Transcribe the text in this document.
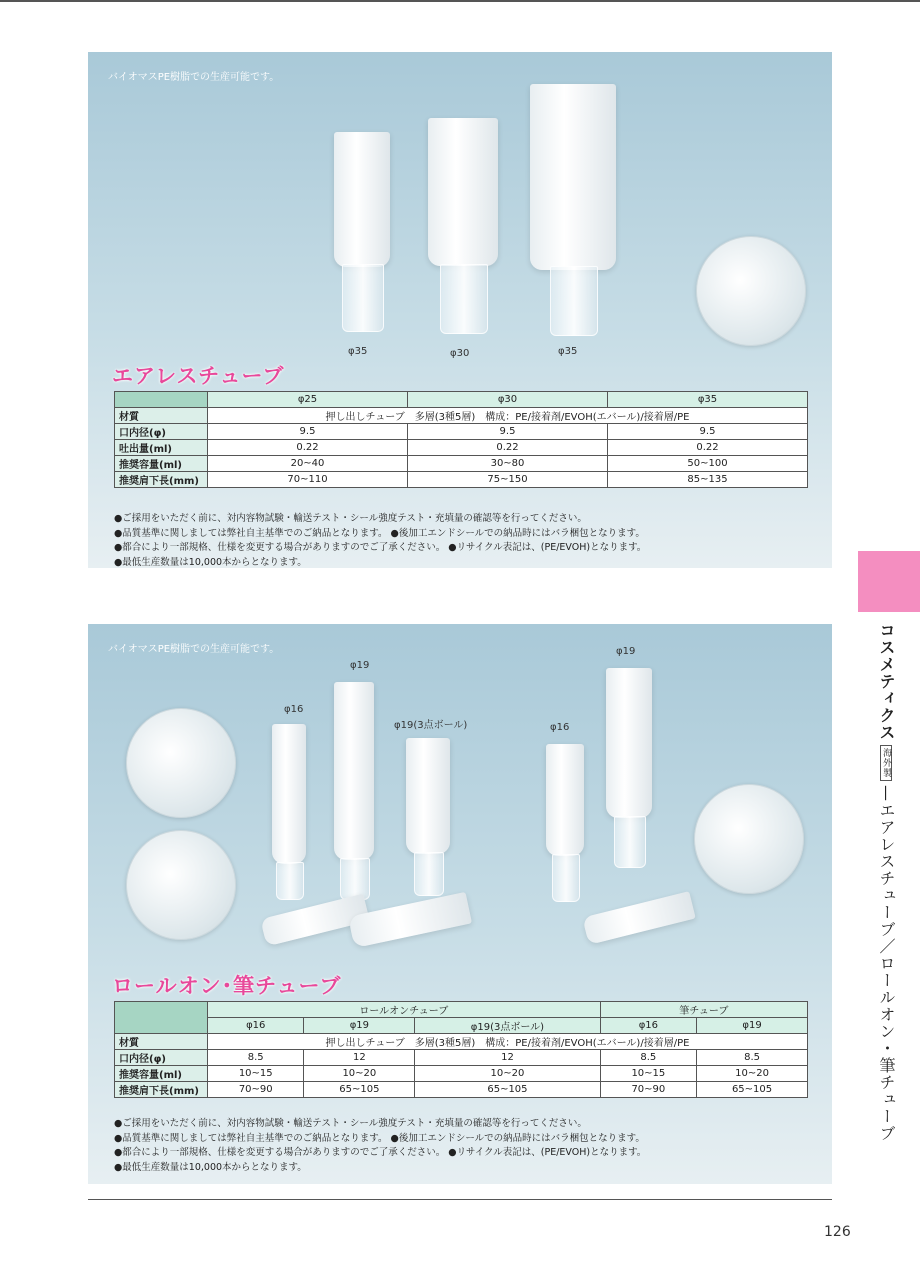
バイオマスPE樹脂での生産可能です。
φ35	φ30	φ35
エアレスチューブ
	φ25	φ30	φ35
材質	押し出しチューブ　多層(3種5層)　構成：PE/接着剤/EVOH(エバール)/接着層/PE		
口内径(φ)	9.5	9.5	9.5
吐出量(ml)	0.22	0.22	0.22
推奨容量(ml)	20~40	30~80	50~100
推奨肩下長(mm)	70~110	75~150	85~135
●ご採用をいただく前に、対内容物試験・輸送テスト・シール強度テスト・充填量の確認等を行ってください。
●品質基準に関しましては弊社自主基準でのご納品となります。 ●後加工エンドシールでの納品時にはバラ梱包となります。
●都合により一部規格、仕様を変更する場合がありますのでご了承ください。 ●リサイクル表記は、(PE/EVOH)となります。
●最低生産数量は10,000本からとなります。
バイオマスPE樹脂での生産可能です。
φ16
φ19
φ19(3点ボール)	φ16
φ19
ロールオン･筆チューブ
	ロールオンチューブ			筆チューブ	
	φ16	φ19	φ19(3点ボール)	φ16	φ19
材質	押し出しチューブ　多層(3種5層)　構成：PE/接着剤/EVOH(エバール)/接着層/PE				
口内径(φ)	8.5	12	12	8.5	8.5
推奨容量(ml)	10~15	10~20	10~20	10~15	10~20
推奨肩下長(mm)	70~90	65~105	65~105	70~90	65~105
●ご採用をいただく前に、対内容物試験・輸送テスト・シール強度テスト・充填量の確認等を行ってください。
●品質基準に関しましては弊社自主基準でのご納品となります。 ●後加工エンドシールでの納品時にはバラ梱包となります。
●都合により一部規格、仕様を変更する場合がありますのでご了承ください。 ●リサイクル表記は、(PE/EVOH)となります。
●最低生産数量は10,000本からとなります。
コスメティクス海外製—エアレスチューブ／ロールオン・筆チューブ
126
